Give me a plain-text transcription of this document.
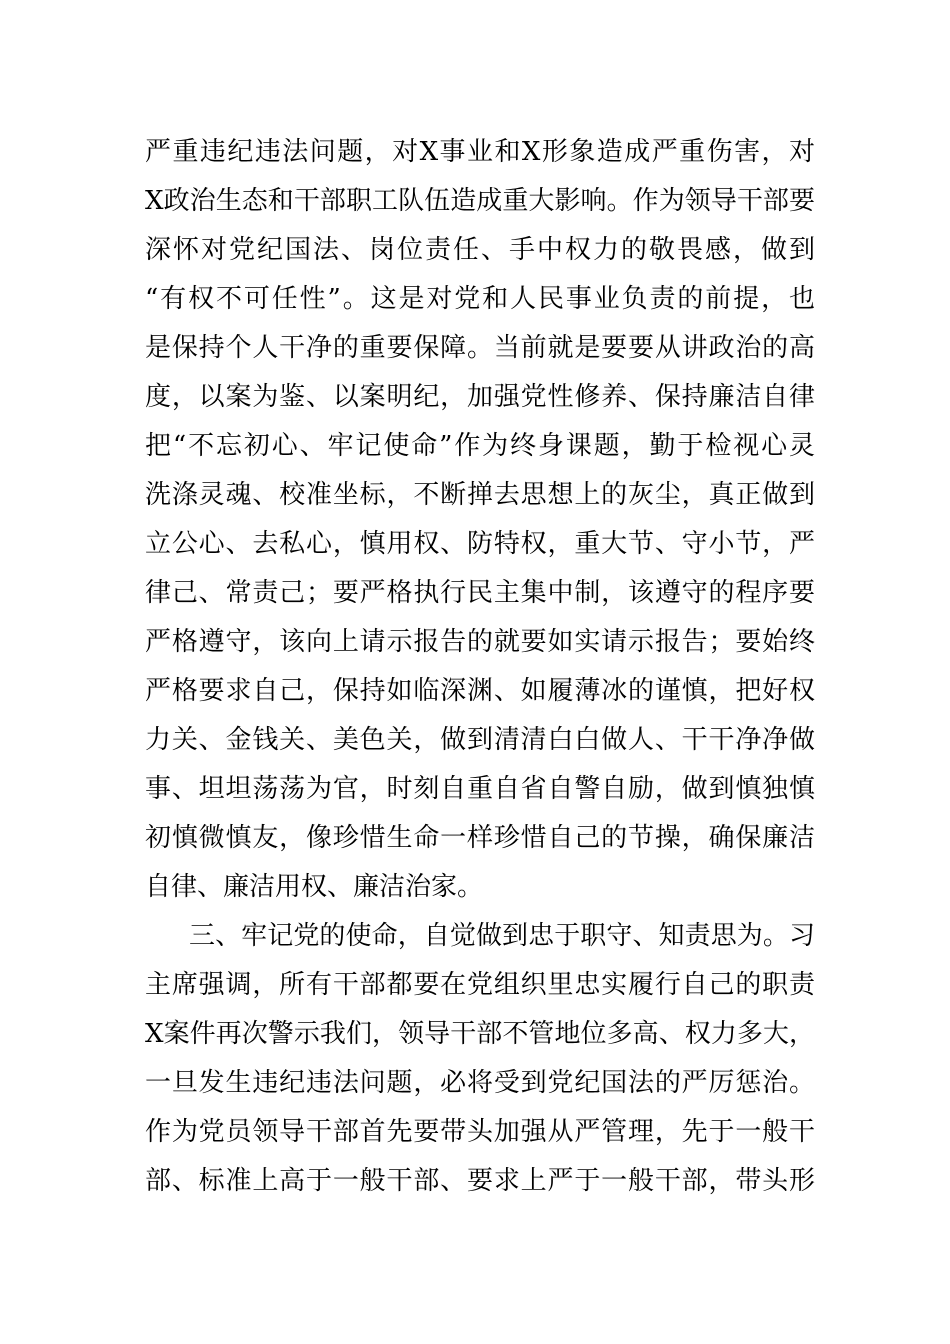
严重违纪违法问题，对X事业和X形象造成严重伤害，对
X政治生态和干部职工队伍造成重大影响。作为领导干部要
深怀对党纪国法、岗位责任、手中权力的敬畏感，做到
“有权不可任性”。这是对党和人民事业负责的前提，也
是保持个人干净的重要保障。当前就是要要从讲政治的高
度，以案为鉴、以案明纪，加强党性修养、保持廉洁自律
把“不忘初心、牢记使命”作为终身课题，勤于检视心灵
洗涤灵魂、校准坐标，不断掸去思想上的灰尘，真正做到
立公心、去私心，慎用权、防特权，重大节、守小节，严
律己、常责己；要严格执行民主集中制，该遵守的程序要
严格遵守，该向上请示报告的就要如实请示报告；要始终
严格要求自己，保持如临深渊、如履薄冰的谨慎，把好权
力关、金钱关、美色关，做到清清白白做人、干干净净做
事、坦坦荡荡为官，时刻自重自省自警自励，做到慎独慎
初慎微慎友，像珍惜生命一样珍惜自己的节操，确保廉洁
自律、廉洁用权、廉洁治家。
三、牢记党的使命，自觉做到忠于职守、知责思为。习
主席强调，所有干部都要在党组织里忠实履行自己的职责
X案件再次警示我们，领导干部不管地位多高、权力多大，
一旦发生违纪违法问题，必将受到党纪国法的严厉惩治。
作为党员领导干部首先要带头加强从严管理，先于一般干
部、标准上高于一般干部、要求上严于一般干部，带头形
